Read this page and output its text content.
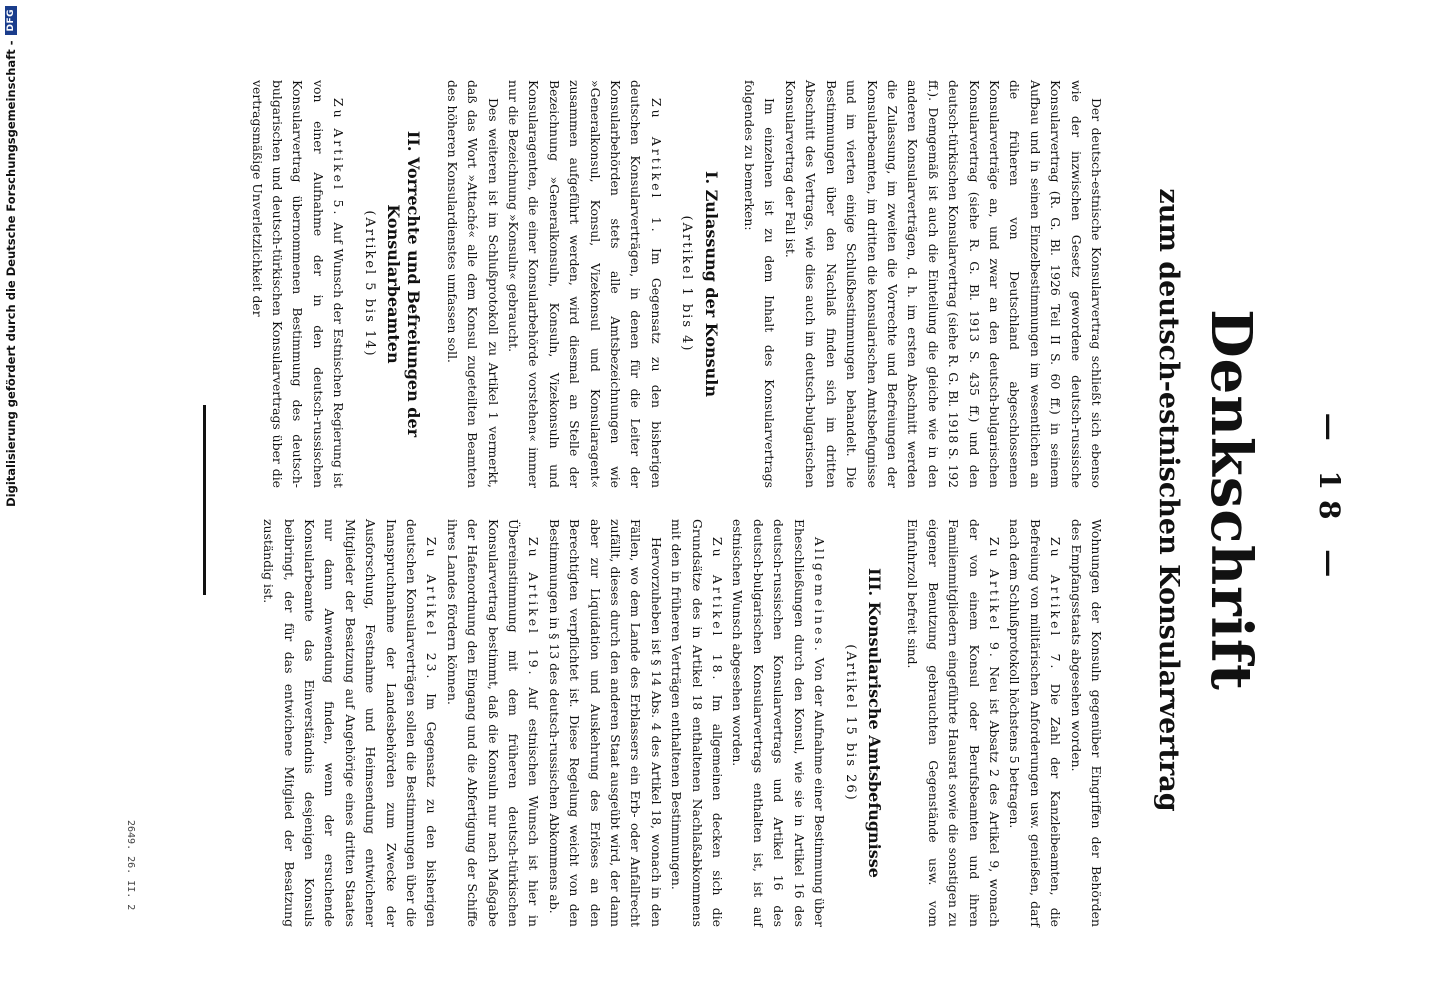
— 18 —
Denkschrift
zum deutsch-estnischen Konsularvertrag

Der deutsch-estnische Konsularvertrag schließt sich ebenso wie der inzwischen Gesetz gewordene deutsch-russische Konsularvertrag (R. G. Bl. 1926 Teil II S. 60 ff.) in seinem Aufbau und in seinen Einzelbestimmungen im wesentlichen an die früheren von Deutschland abgeschlossenen Konsularverträge an, und zwar an den deutsch-bulgarischen Konsularvertrag (siehe R. G. Bl. 1913 S. 435 ff.) und den deutsch-türkischen Konsularvertrag (siehe R. G. Bl. 1918 S. 192 ff.). Demgemäß ist auch die Einteilung die gleiche wie in den anderen Konsularverträgen, d. h. im ersten Abschnitt werden die Zulassung, im zweiten die Vorrechte und Befreiungen der Konsularbeamten, im dritten die konsularischen Amtsbefugnisse und im vierten einige Schlußbestimmungen behandelt. Die Bestimmungen über den Nachlaß finden sich im dritten Abschnitt des Vertrags, wie dies auch im deutsch-bulgarischen Konsularvertrag der Fall ist.

Im einzelnen ist zu dem Inhalt des Konsularvertrags folgendes zu bemerken:

I. Zulassung der Konsuln
(Artikel 1 bis 4)

Zu Artikel 1. Im Gegensatz zu den bisherigen deutschen Konsularverträgen, in denen für die Leiter der Konsularbehörden stets alle Amtsbezeichnungen wie »Generalkonsul, Konsul, Vizekonsul und Konsularagent« zusammen aufgeführt werden, wird diesmal an Stelle der Bezeichnung »Generalkonsuln, Konsuln, Vizekonsuln und Konsularagenten, die einer Konsularbehörde vorstehen« immer nur die Bezeichnung »Konsuln« gebraucht.

Des weiteren ist im Schlußprotokoll zu Artikel 1 vermerkt, daß das Wort »Attaché« alle dem Konsul zugeteilten Beamten des höheren Konsulardienstes umfassen soll.

II. Vorrechte und Befreiungen der Konsularbeamten
(Artikel 5 bis 14)

Zu Artikel 5. Auf Wunsch der Estnischen Regierung ist von einer Aufnahme der in den deutsch-russischen Konsularvertrag übernommenen Bestimmung des deutsch-bulgarischen und deutsch-türkischen Konsularvertrags über die vertragsmäßige Unverletzlichkeit der

Wohnungen der Konsuln gegenüber Eingriffen der Behörden des Empfangsstaats abgesehen worden.

Zu Artikel 7. Die Zahl der Kanzleibeamten, die Befreiung von militärischen Anforderungen usw. genießen, darf nach dem Schlußprotokoll höchstens 5 betragen.

Zu Artikel 9. Neu ist Absatz 2 des Artikel 9, wonach der von einem Konsul oder Berufsbeamten und ihren Familienmitgliedern eingeführte Hausrat sowie die sonstigen zu eigener Benutzung gebrauchten Gegenstände usw. vom Einfuhrzoll befreit sind.

III. Konsularische Amtsbefugnisse
(Artikel 15 bis 26)

Allgemeines. Von der Aufnahme einer Bestimmung über Eheschließungen durch den Konsul, wie sie in Artikel 16 des deutsch-russischen Konsularvertrags und Artikel 16 des deutsch-bulgarischen Konsularvertrags enthalten ist, ist auf estnischen Wunsch abgesehen worden.

Zu Artikel 18. Im allgemeinen decken sich die Grundsätze des in Artikel 18 enthaltenen Nachlaßabkommens mit den in früheren Verträgen enthaltenen Bestimmungen.

Hervorzuheben ist § 14 Abs. 4 des Artikel 18, wonach in den Fällen, wo dem Lande des Erblassers ein Erb- oder Anfallrecht zufällt, dieses durch den anderen Staat ausgeübt wird, der dann aber zur Liquidation und Auskehrung des Erlöses an den Berechtigten verpflichtet ist. Diese Regelung weicht von den Bestimmungen in § 13 des deutsch-russischen Abkommens ab.

Zu Artikel 19. Auf estnischen Wunsch ist hier in Übereinstimmung mit dem früheren deutsch-türkischen Konsularvertrag bestimmt, daß die Konsuln nur nach Maßgabe der Hafenordnung den Eingang und die Abfertigung der Schiffe ihres Landes fördern können.

Zu Artikel 23. Im Gegensatz zu den bisherigen deutschen Konsularverträgen sollen die Bestimmungen über die Inanspruchnahme der Landesbehörden zum Zwecke der Ausforschung, Festnahme und Heimsendung entwichener Mitglieder der Besatzung auf Angehörige eines dritten Staates nur dann Anwendung finden, wenn der ersuchende Konsularbeamte das Einverständnis desjenigen Konsuls beibringt, der für das entwichene Mitglied der Besatzung zuständig ist.

2649. 26. II. 2
Digitalisierung gefördert durch die Deutsche Forschungsgemeinschaft -
DFG
